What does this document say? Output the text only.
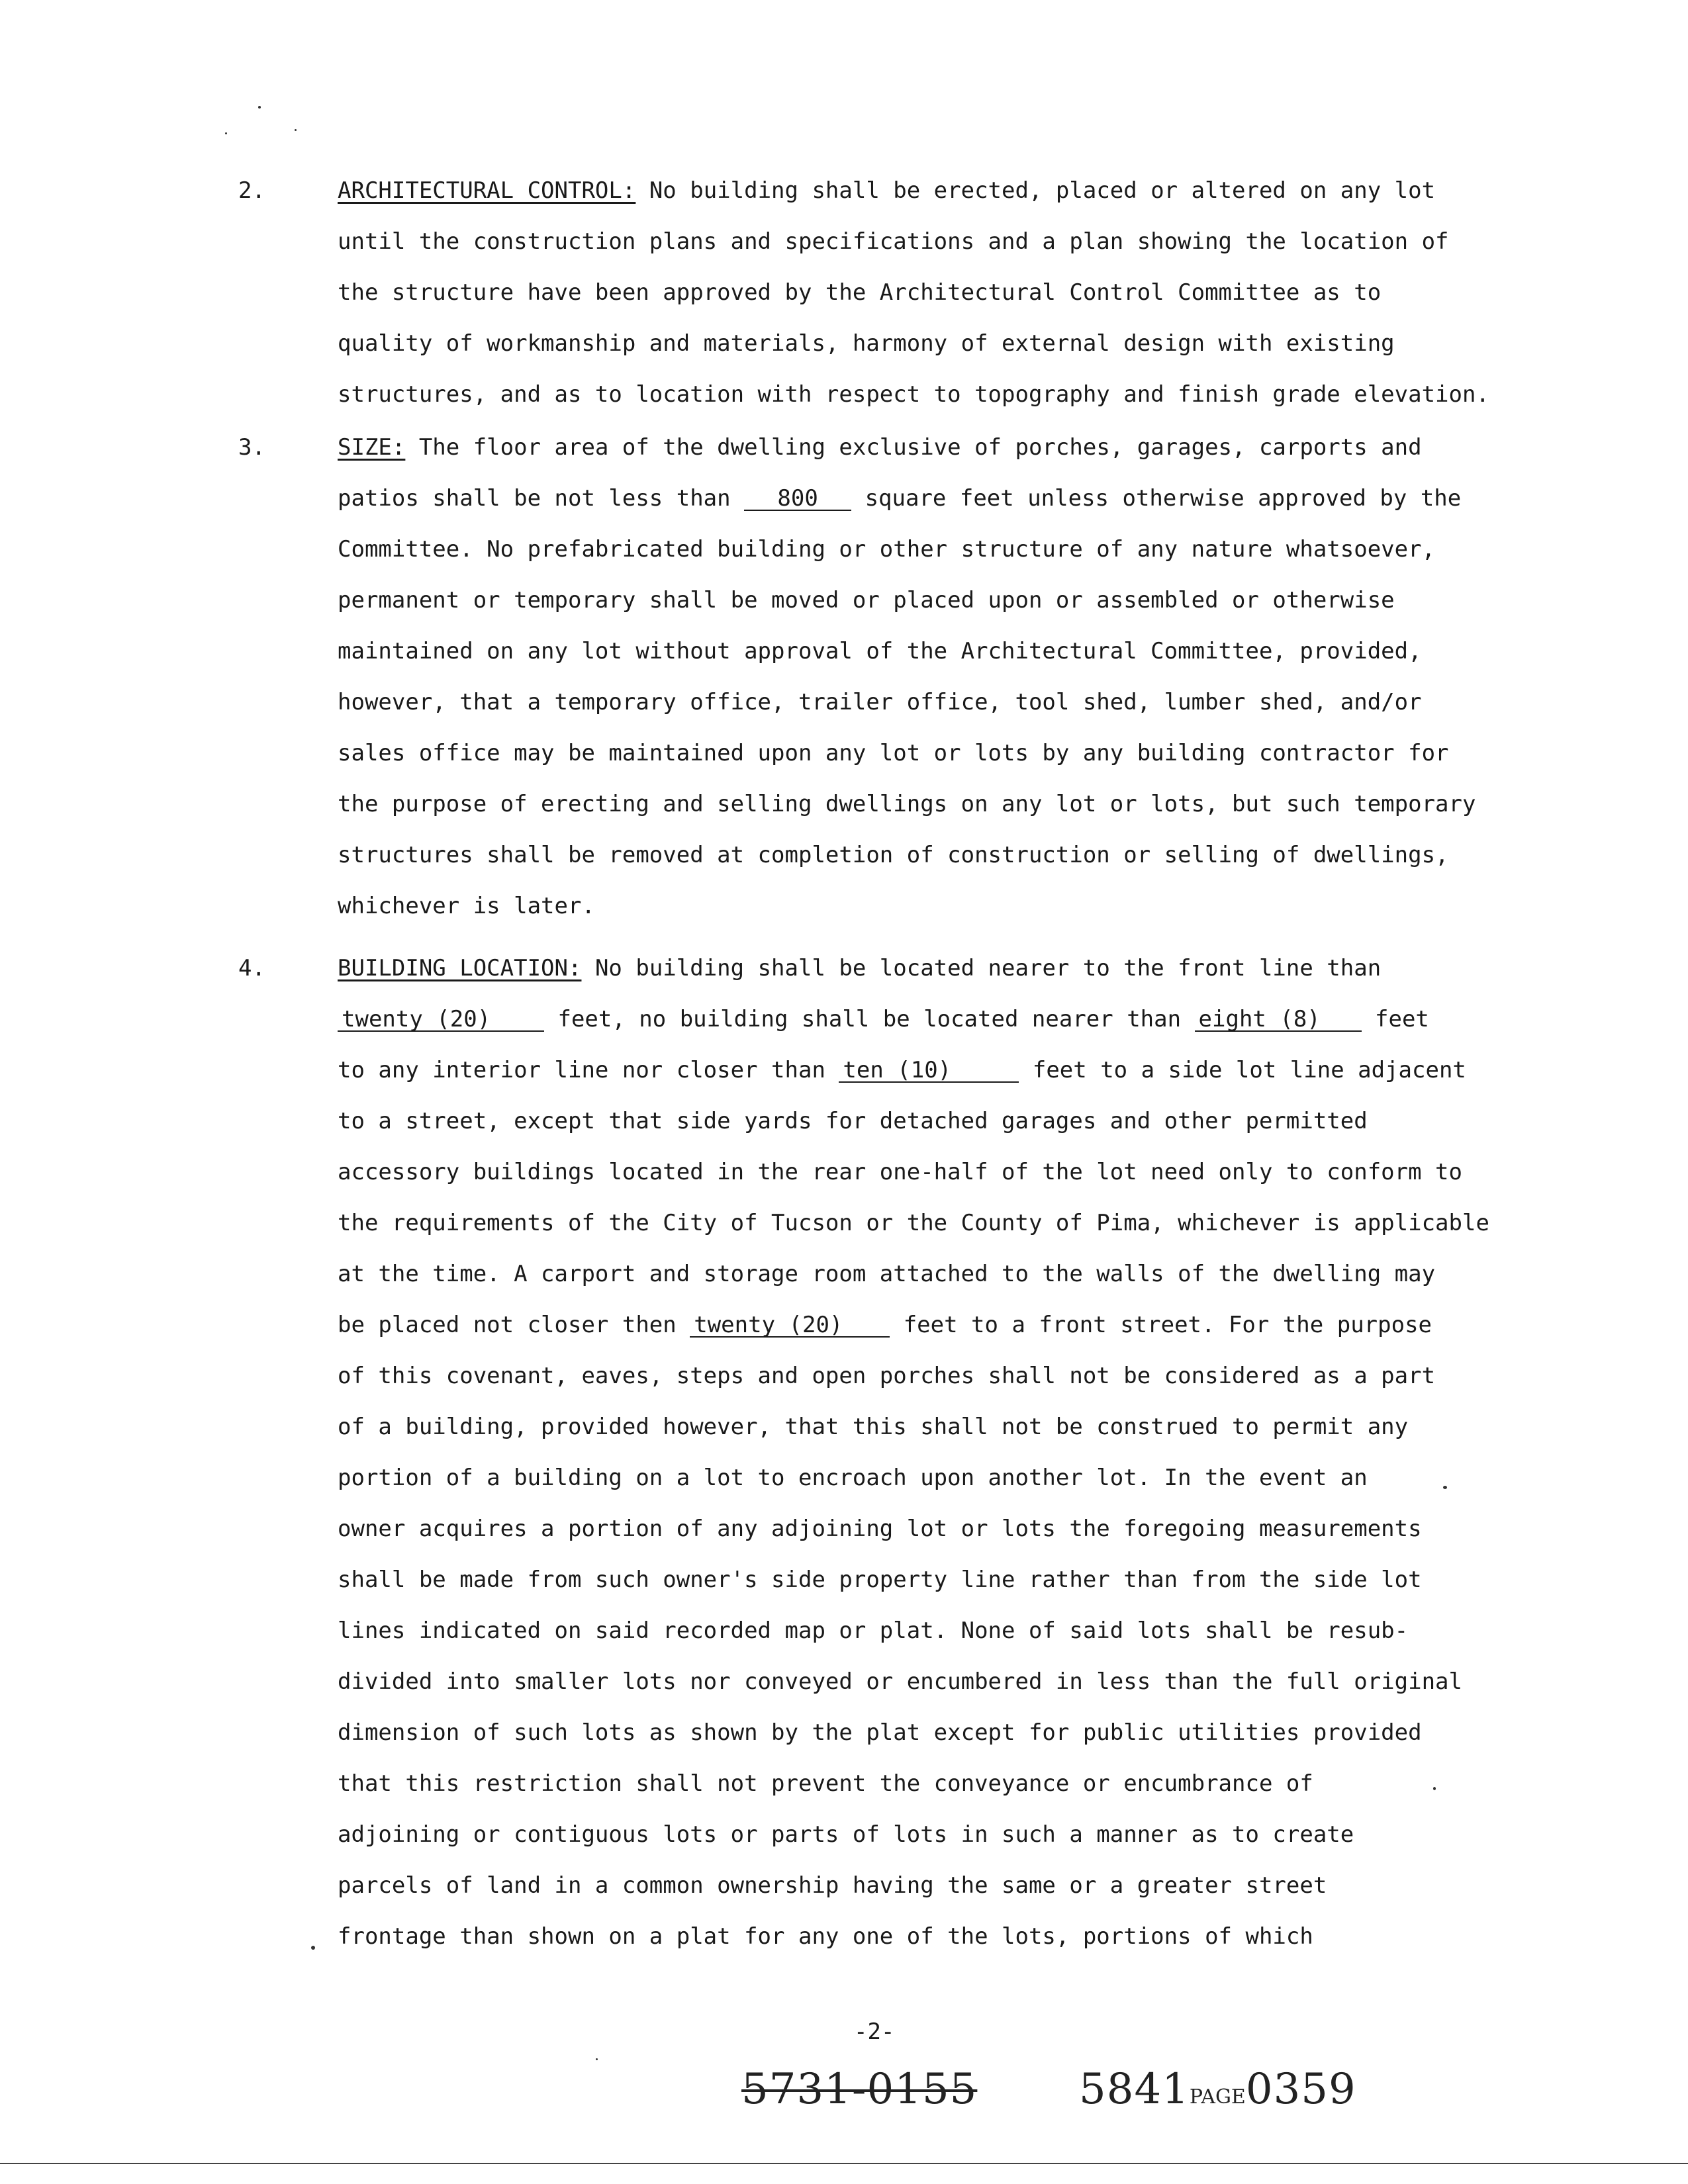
2.	ARCHITECTURAL CONTROL: No building shall be erected, placed or altered on any lot
until the construction plans and specifications and a plan showing the location of
the structure have been approved by the Architectural Control Committee as to
quality of workmanship and materials, harmony of external design with existing
structures, and as to location with respect to topography and finish grade elevation.
3.	SIZE: The floor area of the dwelling exclusive of porches, garages, carports and
patios shall be not less than 800 square feet unless otherwise approved by the
Committee. No prefabricated building or other structure of any nature whatsoever,
permanent or temporary shall be moved or placed upon or assembled or otherwise
maintained on any lot without approval of the Architectural Committee, provided,
however, that a temporary office, trailer office, tool shed, lumber shed, and/or
sales office may be maintained upon any lot or lots by any building contractor for
the purpose of erecting and selling dwellings on any lot or lots, but such temporary
structures shall be removed at completion of construction or selling of dwellings,
whichever is later.
4.	BUILDING LOCATION: No building shall be located nearer to the front line than
twenty (20) feet, no building shall be located nearer than eight (8) feet
to any interior line nor closer than ten (10)	feet to a side lot line adjacent
to a street, except that side yards for detached garages and other permitted
accessory buildings located in the rear one-half of the lot need only to conform to
the requirements of the City of Tucson or the County of Pima, whichever is applicable
at the time. A carport and storage room attached to the walls of the dwelling may
be placed not closer then twenty (20) feet to a front street. For the purpose
of this covenant, eaves, steps and open porches shall not be considered as a part
of a building, provided however, that this shall not be construed to permit any
portion of a building on a lot to encroach upon another lot. In the event an
owner acquires a portion of any adjoining lot or lots the foregoing measurements
shall be made from such owner's side property line rather than from the side lot
lines indicated on said recorded map or plat. None of said lots shall be resub-
divided into smaller lots nor conveyed or encumbered in less than the full original
dimension of such lots as shown by the plat except for public utilities provided
that this restriction shall not prevent the conveyance or encumbrance of
adjoining or contiguous lots or parts of lots in such a manner as to create
parcels of land in a common ownership having the same or a greater street
frontage than shown on a plat for any one of the lots, portions of which
-2-
5731-0155 5841PAGE0359
